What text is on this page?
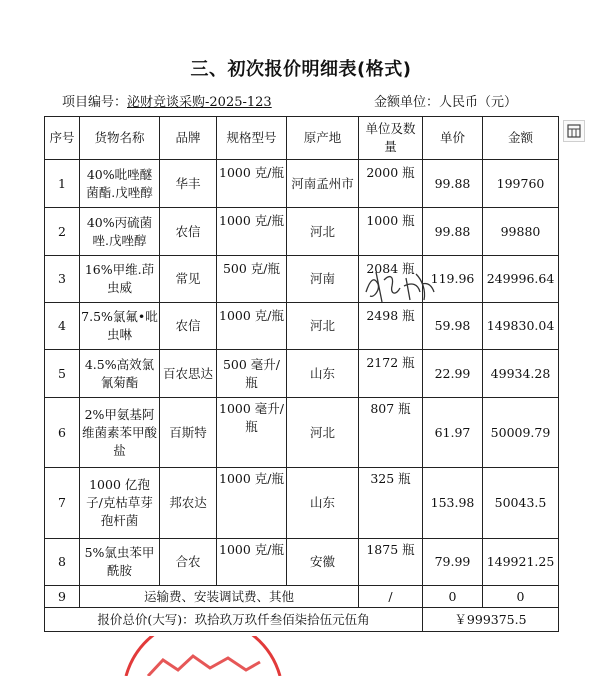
三、初次报价明细表(格式)
项目编号：泌财竞谈采购-2025-123	金额单位：人民币（元）
序号	货物名称	品牌	规格型号	原产地	单位及数量	单价	金额
1	40%吡唑醚菌酯.戊唑醇	华丰	1000 克/瓶	河南孟州市	2000 瓶	99.88	199760
2	40%丙硫菌唑.戊唑醇	农信	1000 克/瓶	河北	1000 瓶	99.88	99880
3	16%甲维.茚虫威	常见	500 克/瓶	河南	2084 瓶	119.96	249996.64
4	7.5%氯氟•吡虫啉	农信	1000 克/瓶	河北	2498 瓶	59.98	149830.04
5	4.5%高效氯氰菊酯	百农思达	500 毫升/瓶	山东	2172 瓶	22.99	49934.28
6	2%甲氨基阿维菌素苯甲酸盐	百斯特	1000 毫升/瓶	河北	807 瓶	61.97	50009.79
7	1000 亿孢子/克枯草芽孢杆菌	邦农达	1000 克/瓶	山东	325 瓶	153.98	50043.5
8	5%氯虫苯甲酰胺	合农	1000 克/瓶	安徽	1875 瓶	79.99	149921.25
9	运输费、安装调试费、其他				/	0	0
报价总价(大写)：玖拾玖万玖仟叁佰柒拾伍元伍角						￥999375.5	
